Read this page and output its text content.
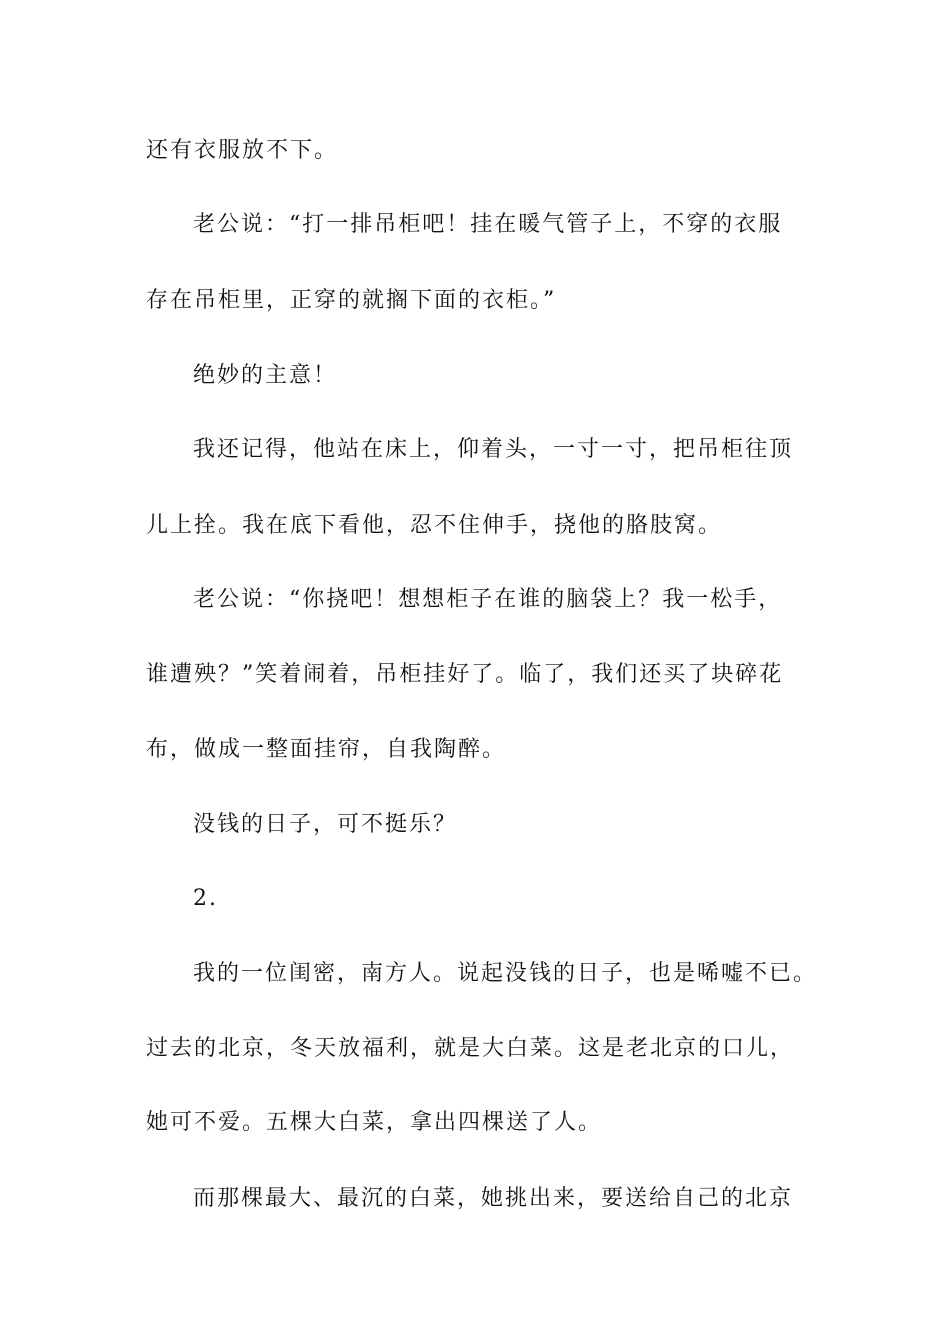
还有衣服放不下。
老公说：“打一排吊柜吧！挂在暖气管子上，不穿的衣服
存在吊柜里，正穿的就搁下面的衣柜。”
绝妙的主意！
我还记得，他站在床上，仰着头，一寸一寸，把吊柜往顶
儿上拴。我在底下看他，忍不住伸手，挠他的胳肢窝。
老公说：“你挠吧！想想柜子在谁的脑袋上？我一松手，
谁遭殃？”笑着闹着，吊柜挂好了。临了，我们还买了块碎花
布，做成一整面挂帘，自我陶醉。
没钱的日子，可不挺乐？
2.
我的一位闺密，南方人。说起没钱的日子，也是唏嘘不已。
过去的北京，冬天放福利，就是大白菜。这是老北京的口儿，
她可不爱。五棵大白菜，拿出四棵送了人。
而那棵最大、最沉的白菜，她挑出来，要送给自己的北京
